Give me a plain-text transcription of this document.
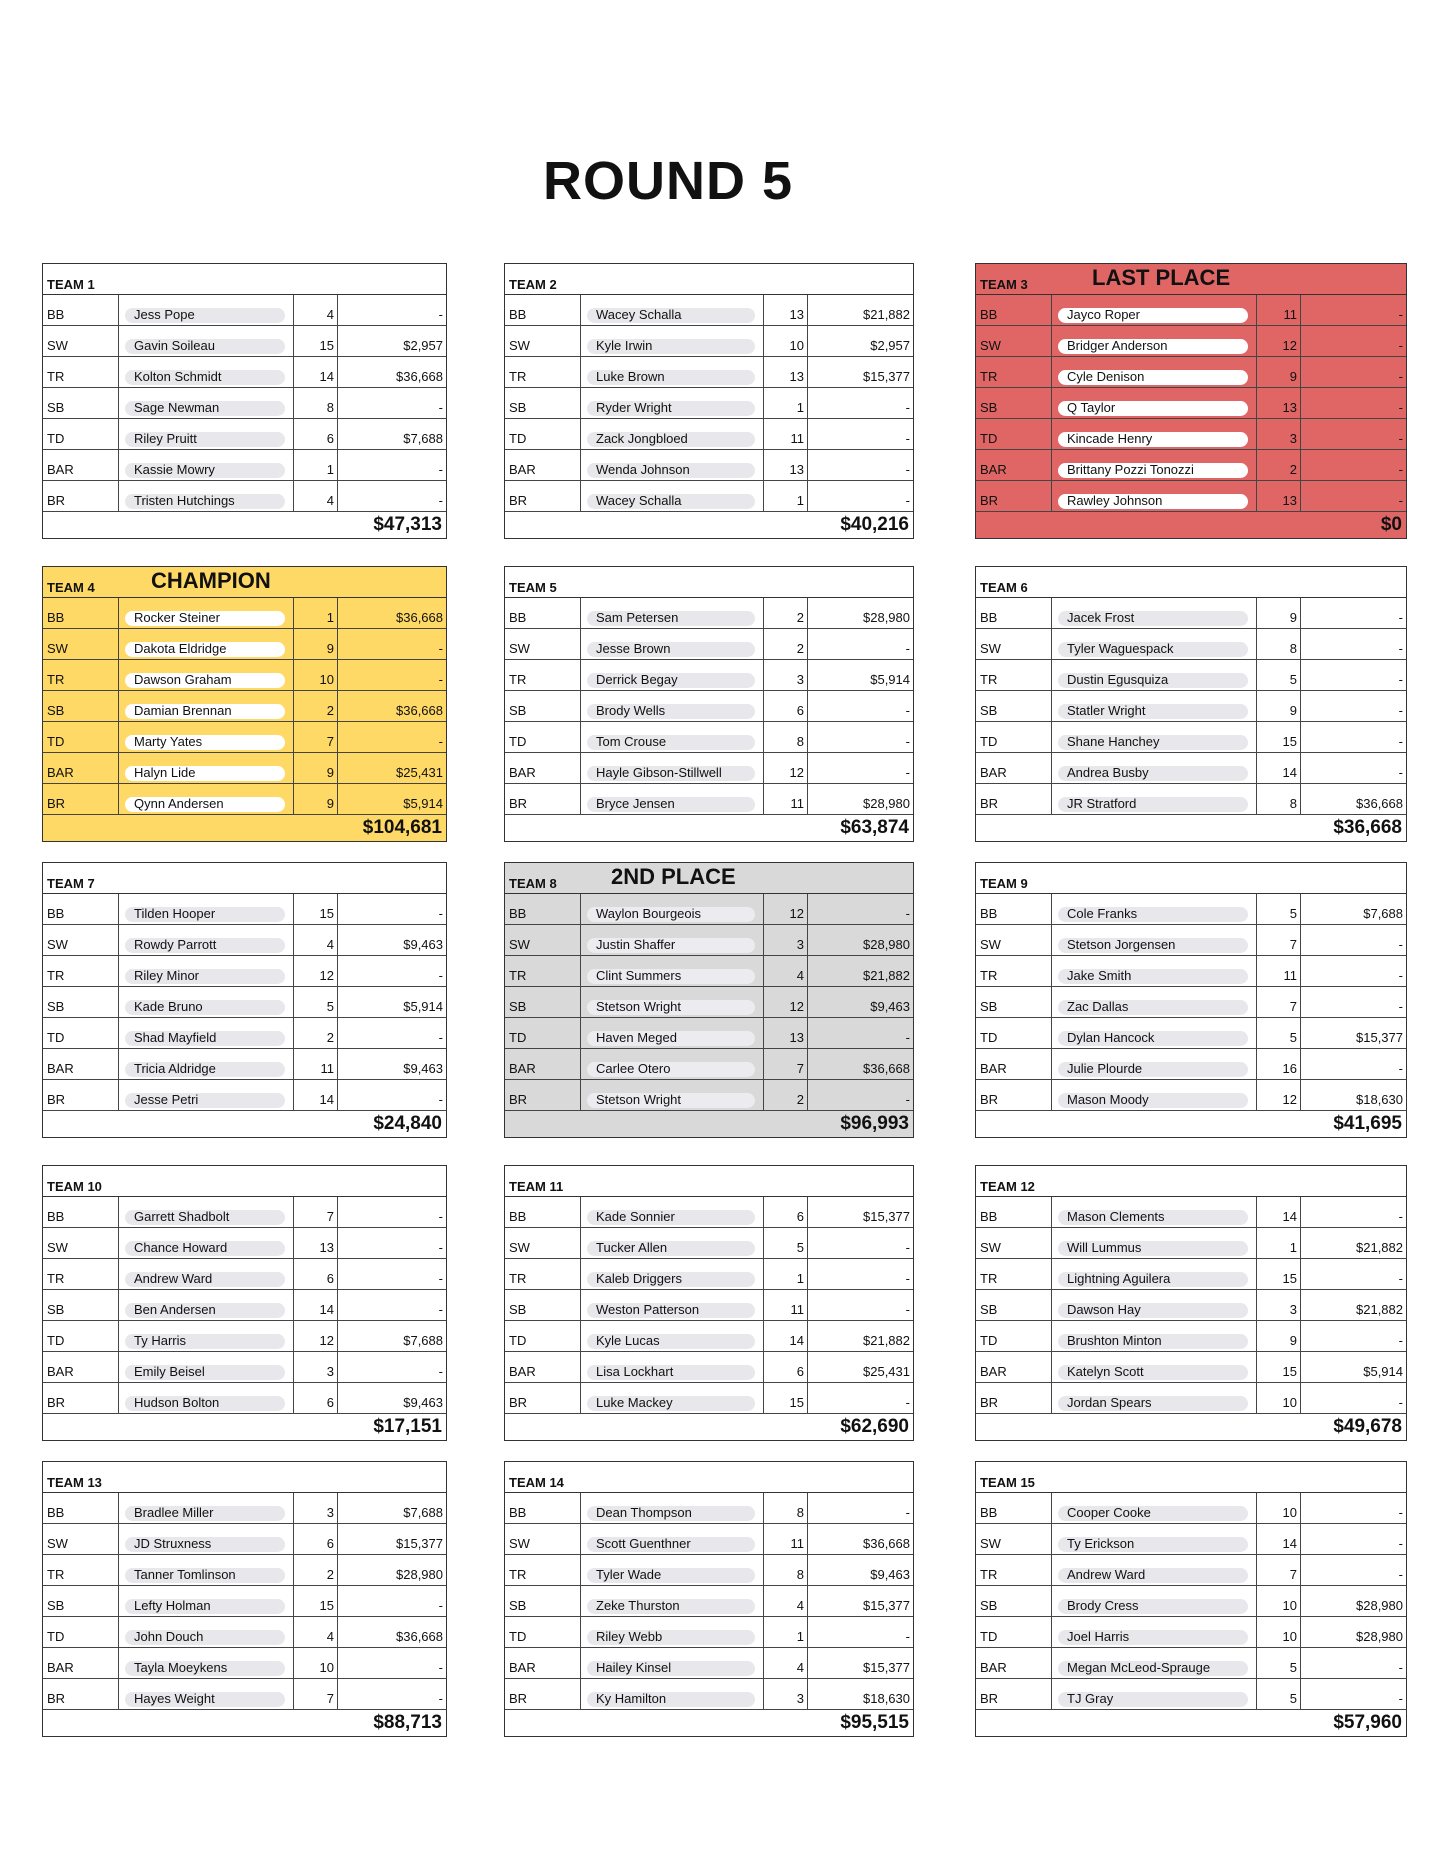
ROUND 5
TEAM 1
BB	Jess Pope	4	-
SW	Gavin Soileau	15	$2,957
TR	Kolton Schmidt	14	$36,668
SB	Sage Newman	8	-
TD	Riley Pruitt	6	$7,688
BAR	Kassie Mowry	1	-
BR	Tristen Hutchings	4	-
$47,313
TEAM 2
BB	Wacey Schalla	13	$21,882
SW	Kyle Irwin	10	$2,957
TR	Luke Brown	13	$15,377
SB	Ryder Wright	1	-
TD	Zack Jongbloed	11	-
BAR	Wenda Johnson	13	-
BR	Wacey Schalla	1	-
$40,216
TEAM 3	LAST PLACE
BB	Jayco Roper	11	-
SW	Bridger Anderson	12	-
TR	Cyle Denison	9	-
SB	Q Taylor	13	-
TD	Kincade Henry	3	-
BAR	Brittany Pozzi Tonozzi	2	-
BR	Rawley Johnson	13	-
$0
TEAM 4	CHAMPION
BB	Rocker Steiner	1	$36,668
SW	Dakota Eldridge	9	-
TR	Dawson Graham	10	-
SB	Damian Brennan	2	$36,668
TD	Marty Yates	7	-
BAR	Halyn Lide	9	$25,431
BR	Qynn Andersen	9	$5,914
$104,681
TEAM 5
BB	Sam Petersen	2	$28,980
SW	Jesse Brown	2	-
TR	Derrick Begay	3	$5,914
SB	Brody Wells	6	-
TD	Tom Crouse	8	-
BAR	Hayle Gibson-Stillwell	12	-
BR	Bryce Jensen	11	$28,980
$63,874
TEAM 6
BB	Jacek Frost	9	-
SW	Tyler Waguespack	8	-
TR	Dustin Egusquiza	5	-
SB	Statler Wright	9	-
TD	Shane Hanchey	15	-
BAR	Andrea Busby	14	-
BR	JR Stratford	8	$36,668
$36,668
TEAM 7
BB	Tilden Hooper	15	-
SW	Rowdy Parrott	4	$9,463
TR	Riley Minor	12	-
SB	Kade Bruno	5	$5,914
TD	Shad Mayfield	2	-
BAR	Tricia Aldridge	11	$9,463
BR	Jesse Petri	14	-
$24,840
TEAM 8 2ND PLACE
BB	Waylon Bourgeois	12	-
SW	Justin Shaffer	3	$28,980
TR	Clint Summers	4	$21,882
SB	Stetson Wright	12	$9,463
TD	Haven Meged	13	-
BAR	Carlee Otero	7	$36,668
BR	Stetson Wright	2	-
$96,993
TEAM 9
BB	Cole Franks	5	$7,688
SW	Stetson Jorgensen	7	-
TR	Jake Smith	11	-
SB	Zac Dallas	7	-
TD	Dylan Hancock	5	$15,377
BAR	Julie Plourde	16	-
BR	Mason Moody	12	$18,630
$41,695
TEAM 10
BB	Garrett Shadbolt	7	-
SW	Chance Howard	13	-
TR	Andrew Ward	6	-
SB	Ben Andersen	14	-
TD	Ty Harris	12	$7,688
BAR	Emily Beisel	3	-
BR	Hudson Bolton	6	$9,463
$17,151
TEAM 11
BB	Kade Sonnier	6	$15,377
SW	Tucker Allen	5	-
TR	Kaleb Driggers	1	-
SB	Weston Patterson	11	-
TD	Kyle Lucas	14	$21,882
BAR	Lisa Lockhart	6	$25,431
BR	Luke Mackey	15	-
$62,690
TEAM 12
BB	Mason Clements	14	-
SW	Will Lummus	1	$21,882
TR	Lightning Aguilera	15	-
SB	Dawson Hay	3	$21,882
TD	Brushton Minton	9	-
BAR	Katelyn Scott	15	$5,914
BR	Jordan Spears	10	-
$49,678
TEAM 13
BB	Bradlee Miller	3	$7,688
SW	JD Struxness	6	$15,377
TR	Tanner Tomlinson	2	$28,980
SB	Lefty Holman	15	-
TD	John Douch	4	$36,668
BAR	Tayla Moeykens	10	-
BR	Hayes Weight	7	-
$88,713
TEAM 14
BB	Dean Thompson	8	-
SW	Scott Guenthner	11	$36,668
TR	Tyler Wade	8	$9,463
SB	Zeke Thurston	4	$15,377
TD	Riley Webb	1	-
BAR	Hailey Kinsel	4	$15,377
BR	Ky Hamilton	3	$18,630
$95,515
TEAM 15
BB	Cooper Cooke	10	-
SW	Ty Erickson	14	-
TR	Andrew Ward	7	-
SB	Brody Cress	10	$28,980
TD	Joel Harris	10	$28,980
BAR	Megan McLeod-Sprauge	5	-
BR	TJ Gray	5	-
$57,960
